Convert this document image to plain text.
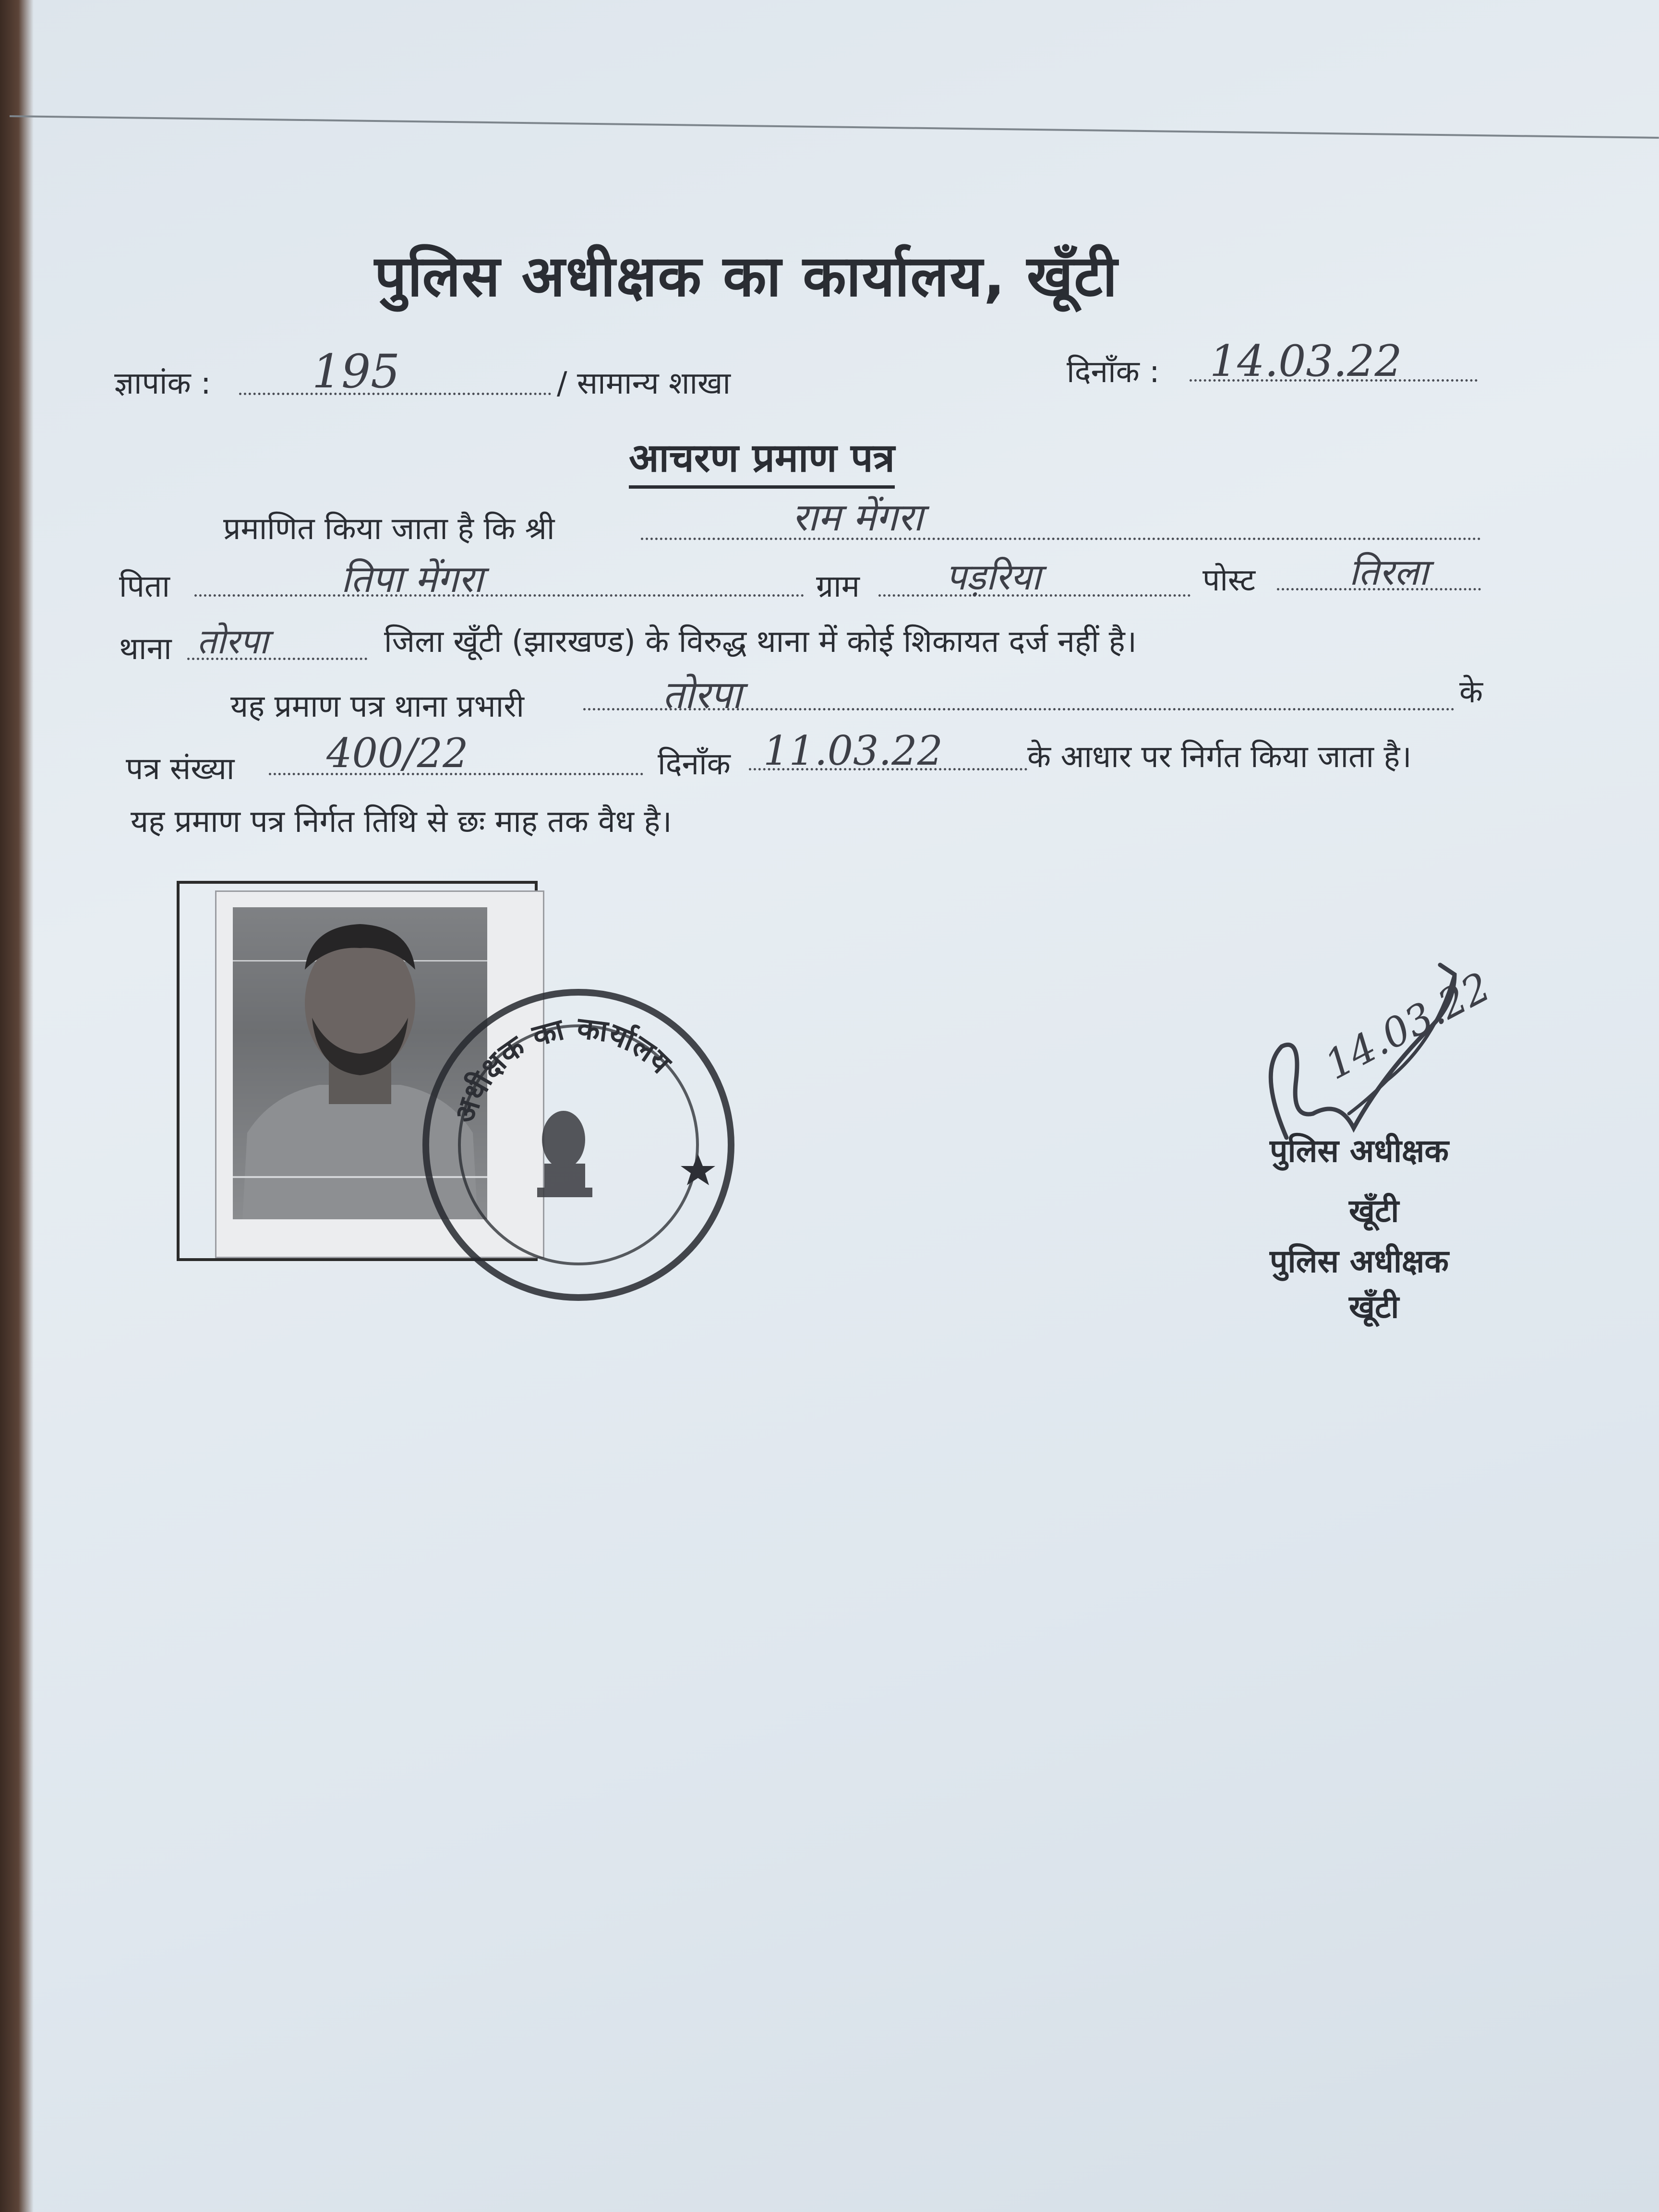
पुलिस अधीक्षक का कार्यालय, खूँटी
ज्ञापांक : 195	/ सामान्य शाखा	दिनाँक : 14.03.22
आचरण प्रमाण पत्र
प्रमाणित किया जाता है कि श्री	राम मेंगरा
पिता	तिपा मेंगरा	ग्राम पड़रिया	पोस्ट	तिरला
थाना तोरपा	जिला खूँटी (झारखण्ड) के विरुद्ध थाना में कोई शिकायत दर्ज नहीं है।
यह प्रमाण पत्र थाना प्रभारी	तोरपा	के
पत्र संख्या 400/22	दिनाँक 11.03.22	के आधार पर निर्गत किया जाता है।
यह प्रमाण पत्र निर्गत तिथि से छः माह तक वैध है।
अधीक्षक का कार्यालय	14.03.22
पुलिस अधीक्षक
खूँटी
पुलिस अधीक्षक
खूँटी
